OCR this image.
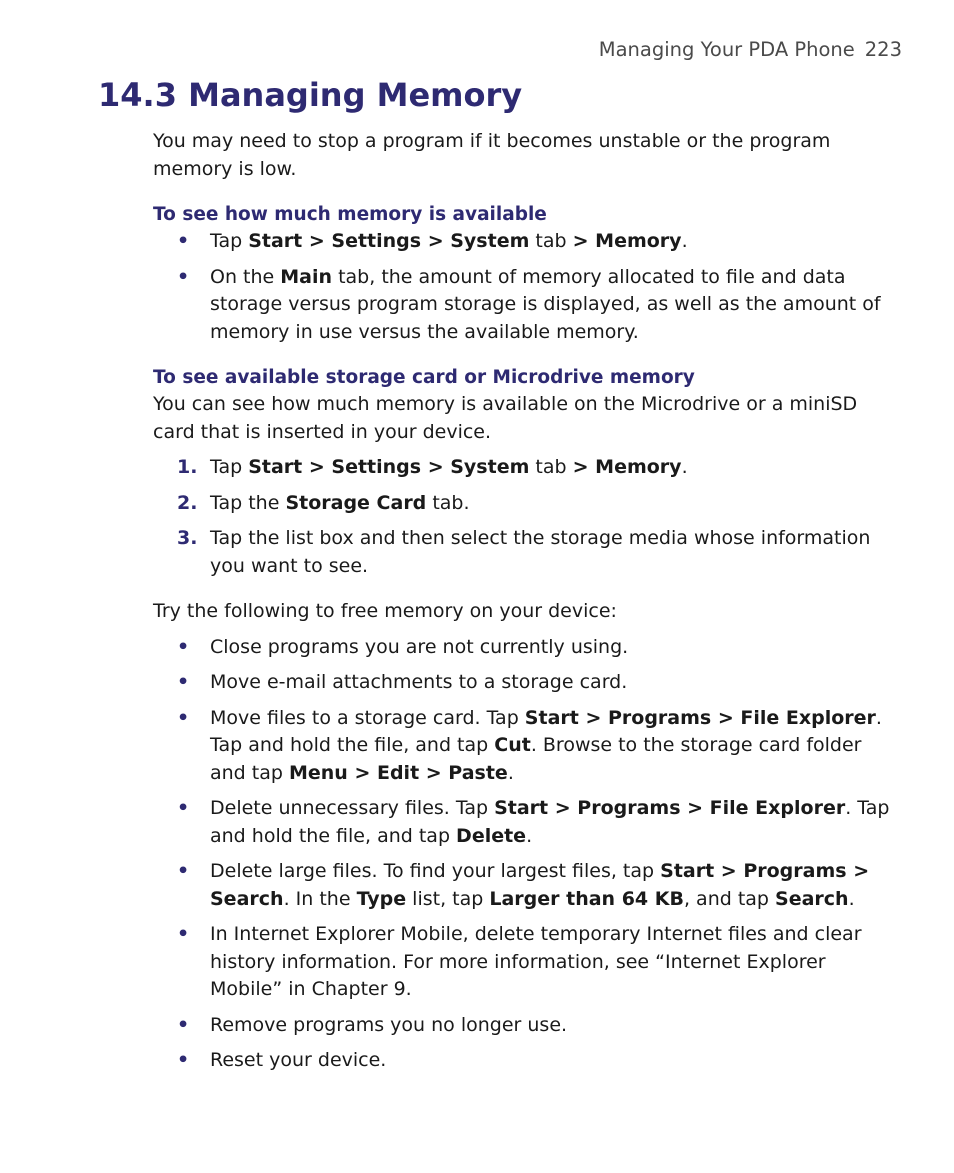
Managing Your PDA Phone 223
14.3 Managing Memory

You may need to stop a program if it becomes unstable or the program memory is low.

To see how much memory is available
• Tap Start > Settings > System tab > Memory.
• On the Main tab, the amount of memory allocated to file and data storage versus program storage is displayed, as well as the amount of memory in use versus the available memory.
To see available storage card or Microdrive memory

You can see how much memory is available on the Microdrive or a miniSD card that is inserted in your device.

1. Tap Start > Settings > System tab > Memory.
2. Tap the Storage Card tab.
3. Tap the list box and then select the storage media whose information you want to see.

Try the following to free memory on your device:

• Close programs you are not currently using.
• Move e-mail attachments to a storage card.
• Move files to a storage card. Tap Start > Programs > File Explorer. Tap and hold the file, and tap Cut. Browse to the storage card folder and tap Menu > Edit > Paste.
• Delete unnecessary files. Tap Start > Programs > File Explorer. Tap and hold the file, and tap Delete.
• Delete large files. To find your largest files, tap Start > Programs > Search. In the Type list, tap Larger than 64 KB, and tap Search.
• In Internet Explorer Mobile, delete temporary Internet files and clear history information. For more information, see “Internet Explorer Mobile” in Chapter 9.
• Remove programs you no longer use.
• Reset your device.
